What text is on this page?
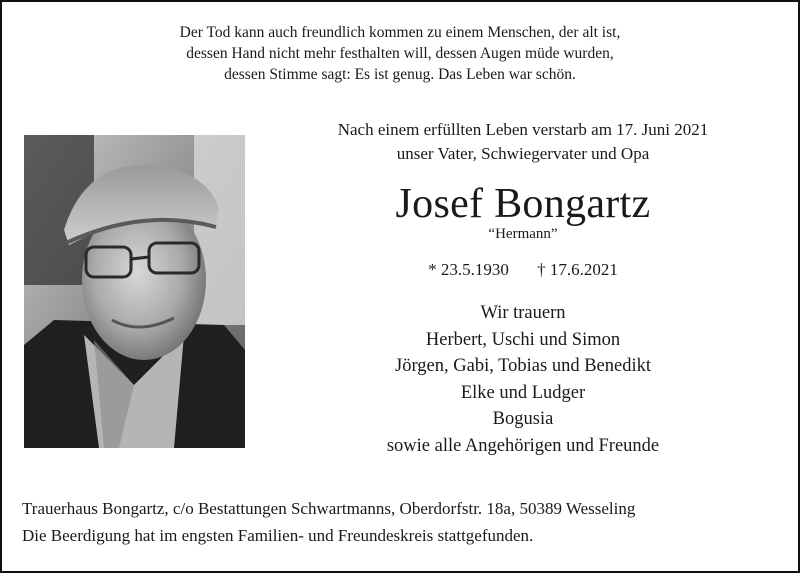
Der Tod kann auch freundlich kommen zu einem Menschen, der alt ist,
dessen Hand nicht mehr festhalten will, dessen Augen müde wurden,
dessen Stimme sagt: Es ist genug. Das Leben war schön.
Nach einem erfüllten Leben verstarb am 17. Juni 2021
unser Vater, Schwiegervater und Opa
Josef Bongartz
“Hermann”
* 23.5.1930 † 17.6.2021
Wir trauern
Herbert, Uschi und Simon
Jörgen, Gabi, Tobias und Benedikt
Elke und Ludger
Bogusia
sowie alle Angehörigen und Freunde
Trauerhaus Bongartz, c/o Bestattungen Schwartmanns, Oberdorfstr. 18a, 50389 Wesseling
Die Beerdigung hat im engsten Familien- und Freundeskreis stattgefunden.
